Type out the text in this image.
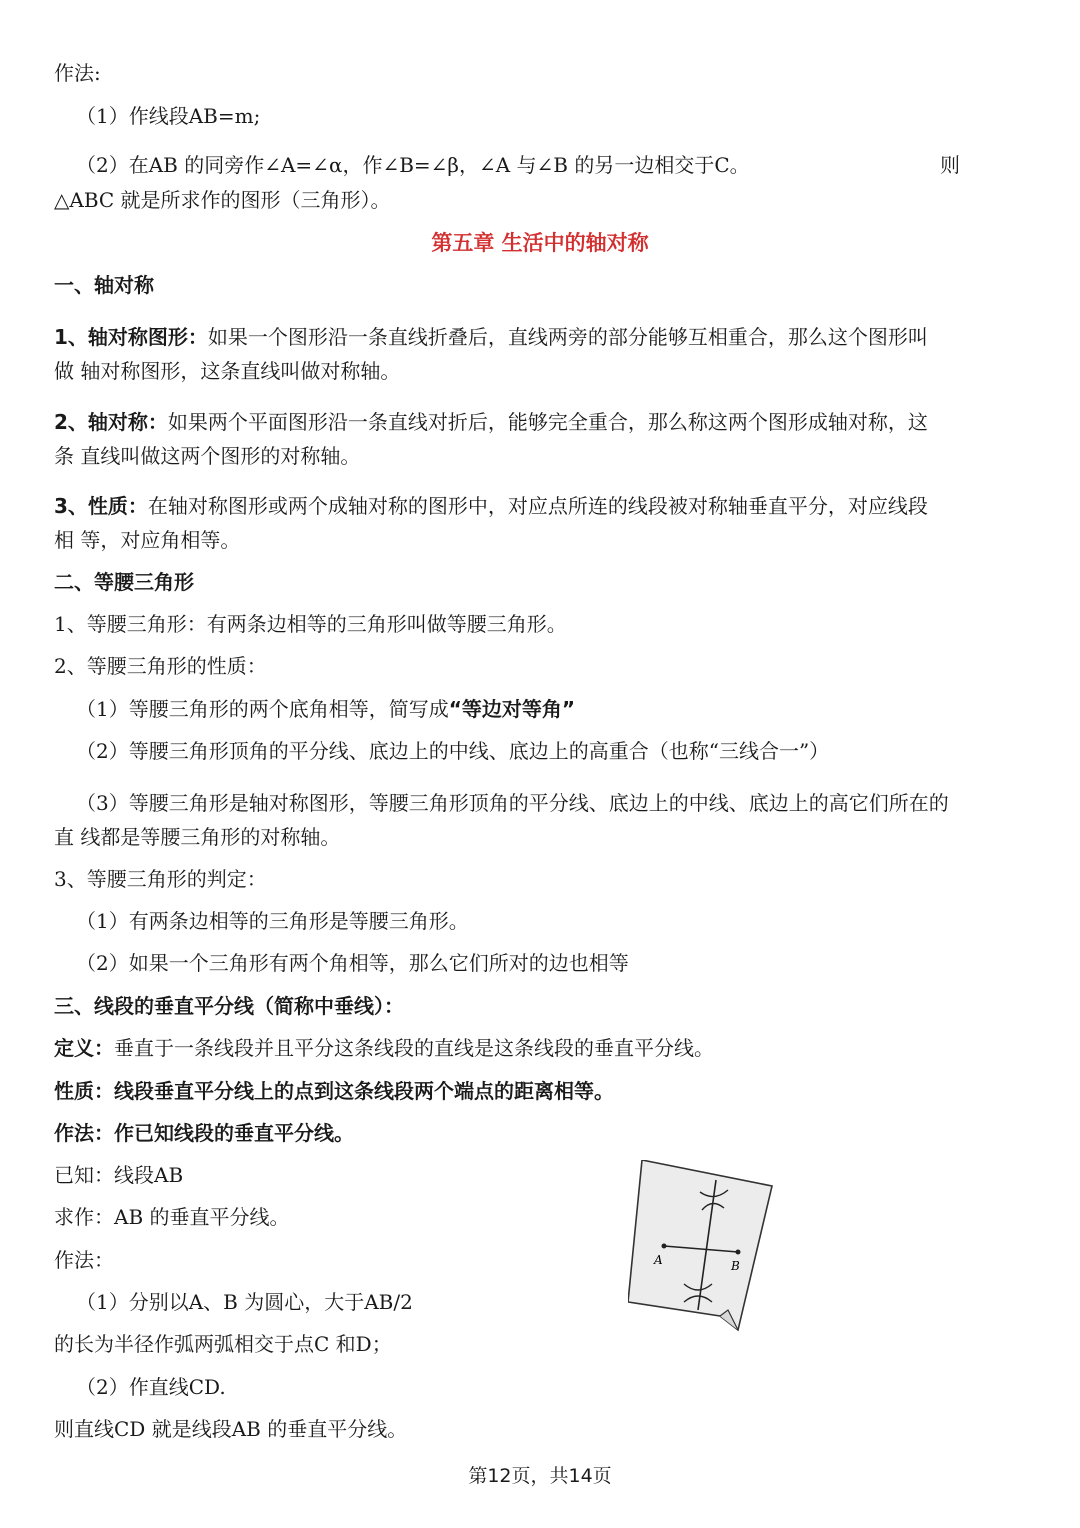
作法:
（1）作线段AB=m;
（2）在AB 的同旁作∠A=∠α，作∠B=∠β，∠A 与∠B 的另一边相交于C。	则
△ABC 就是所求作的图形（三角形）。
第五章 生活中的轴对称
一、轴对称
1、轴对称图形：如果一个图形沿一条直线折叠后，直线两旁的部分能够互相重合，那么这个图形叫
做 轴对称图形，这条直线叫做对称轴。
2、轴对称：如果两个平面图形沿一条直线对折后，能够完全重合，那么称这两个图形成轴对称，这
条 直线叫做这两个图形的对称轴。
3、性质：在轴对称图形或两个成轴对称的图形中，对应点所连的线段被对称轴垂直平分，对应线段
相 等，对应角相等。
二、等腰三角形
1、等腰三角形：有两条边相等的三角形叫做等腰三角形。
2、等腰三角形的性质：
（1）等腰三角形的两个底角相等，简写成“等边对等角”
（2）等腰三角形顶角的平分线、底边上的中线、底边上的高重合（也称“三线合一”）
（3）等腰三角形是轴对称图形，等腰三角形顶角的平分线、底边上的中线、底边上的高它们所在的
直 线都是等腰三角形的对称轴。
3、等腰三角形的判定：
（1）有两条边相等的三角形是等腰三角形。
（2）如果一个三角形有两个角相等，那么它们所对的边也相等
三、线段的垂直平分线（简称中垂线）：
定义：垂直于一条线段并且平分这条线段的直线是这条线段的垂直平分线。
性质：线段垂直平分线上的点到这条线段两个端点的距离相等。
作法：作已知线段的垂直平分线。
已知：线段AB
求作：AB 的垂直平分线。
作法：
（1）分别以A、B 为圆心，大于AB/2
的长为半径作弧两弧相交于点C 和D；
（2）作直线CD.
则直线CD 就是线段AB 的垂直平分线。
A	B
第12页，共14页
